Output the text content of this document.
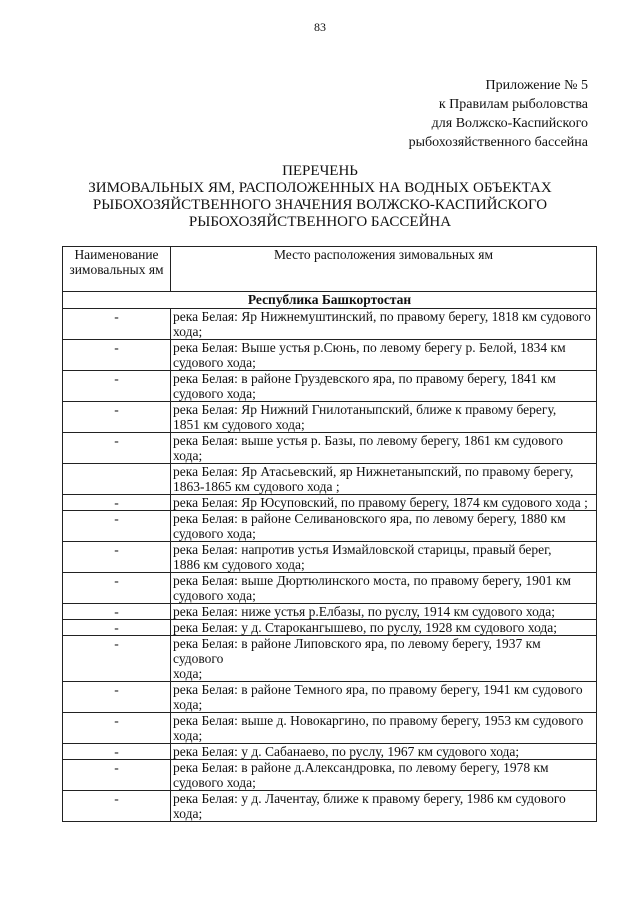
83
Приложение № 5
к Правилам рыболовства
для Волжско-Каспийского
рыбохозяйственного бассейна
ПЕРЕЧЕНЬ
ЗИМОВАЛЬНЫХ ЯМ, РАСПОЛОЖЕННЫХ НА ВОДНЫХ ОБЪЕКТАХ
РЫБОХОЗЯЙСТВЕННОГО ЗНАЧЕНИЯ ВОЛЖСКО-КАСПИЙСКОГО
РЫБОХОЗЯЙСТВЕННОГО БАССЕЙНА
Наименование
зимовальных ям	Место расположения зимовальных ям
Республика Башкортостан	
-	река Белая: Яр Нижнемуштинский, по правому берегу, 1818 км судового
хода;

-	река Белая: Выше устья р.Сюнь, по левому берегу р. Белой, 1834 км
судового хода;

-	река Белая: в районе Груздевского яра, по правому берегу, 1841 км
судового хода;

-	река Белая: Яр Нижний Гнилотаныпский, ближе к правому берегу,
1851 км судового хода;

-	река Белая: выше устья р. Базы, по левому берегу, 1861 км судового хода;

	река Белая: Яр Атасьевский, яр Нижнетаныпский, по правому берегу,
1863-1865 км судового хода ;

-	река Белая: Яр Юсуповский, по правому берегу, 1874 км судового хода ;

-	река Белая: в районе Селивановского яра, по левому берегу, 1880 км
судового хода;

-	река Белая: напротив устья Измайловской старицы, правый берег,
1886 км судового хода;

-	река Белая: выше Дюртюлинского моста, по правому берегу, 1901 км
судового хода;

-	река Белая: ниже устья р.Елбазы, по руслу, 1914 км судового хода;

-	река Белая: у д. Старокангышево, по руслу, 1928 км судового хода;

-	река Белая: в районе Липовского яра, по левому берегу, 1937 км судового
хода;

-	река Белая: в районе Темного яра, по правому берегу, 1941 км судового
хода;

-	река Белая: выше д. Новокаргино, по правому берегу, 1953 км судового
хода;

-	река Белая: у д. Сабанаево, по руслу, 1967 км судового хода;

-	река Белая: в районе д.Александровка, по левому берегу, 1978 км
судового хода;

-	река Белая: у д. Лачентау, ближе к правому берегу, 1986 км судового
хода;
